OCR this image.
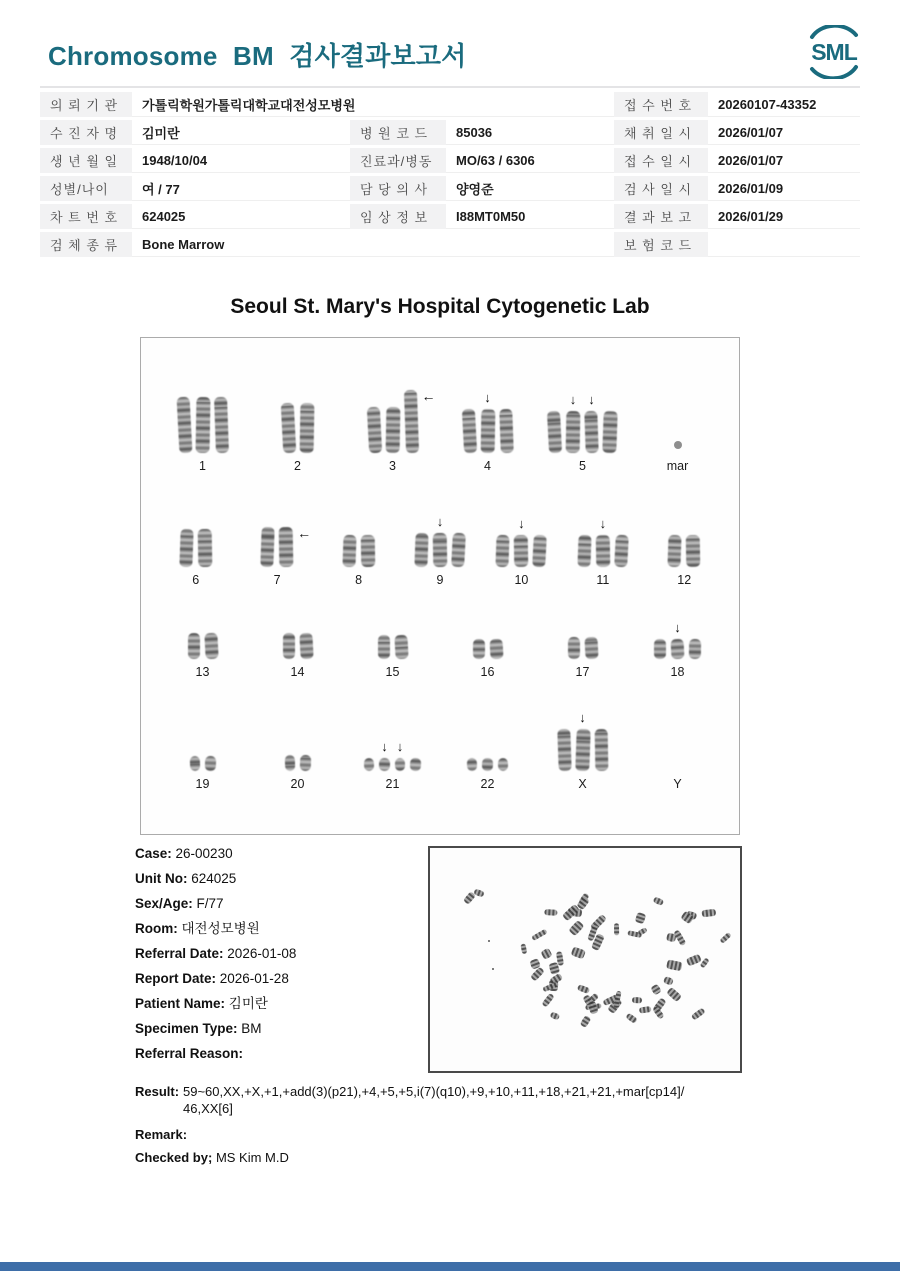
Chromosome BM 검사결과보고서	SML
의 뢰 기 관	가톨릭학원가톨릭대학교대전성모병원			접 수 번 호	20260107-43352
수 진 자 명	김미란	병 원 코 드	85036	채 취 일 시	2026/01/07
생 년 월 일	1948/10/04	진료과/병동	MO/63 / 6306	접 수 일 시	2026/01/07
성별/나이	여 / 77	담 당 의 사	양영준	검 사 일 시	2026/01/09
차 트 번 호	624025	임 상 정 보	I88MT0M50	결 과 보 고	2026/01/29
검 체 종 류	Bone Marrow			보 험 코 드	
Seoul St. Mary's Hospital Cytogenetic Lab
1	2
←
3
↓
4
↓ ↓
5	mar
6
←
7	8
↓
9
↓
10
↓
11	12
13	14	15	16	17
↓
18
19	20
↓ ↓
21	22
↓
X	Y
Case: 26-00230
Unit No: 624025
Sex/Age: F/77
Room: 대전성모병원
Referral Date: 2026-01-08
Report Date: 2026-01-28
Patient Name: 김미란
Specimen Type: BM
Referral Reason:
Result: 59~60,XX,+X,+1,+add(3)(p21),+4,+5,+5,i(7)(q10),+9,+10,+11,+18,+21,+21,+mar[cp14]/
46,XX[6]
Remark:
Checked by; MS Kim M.D
